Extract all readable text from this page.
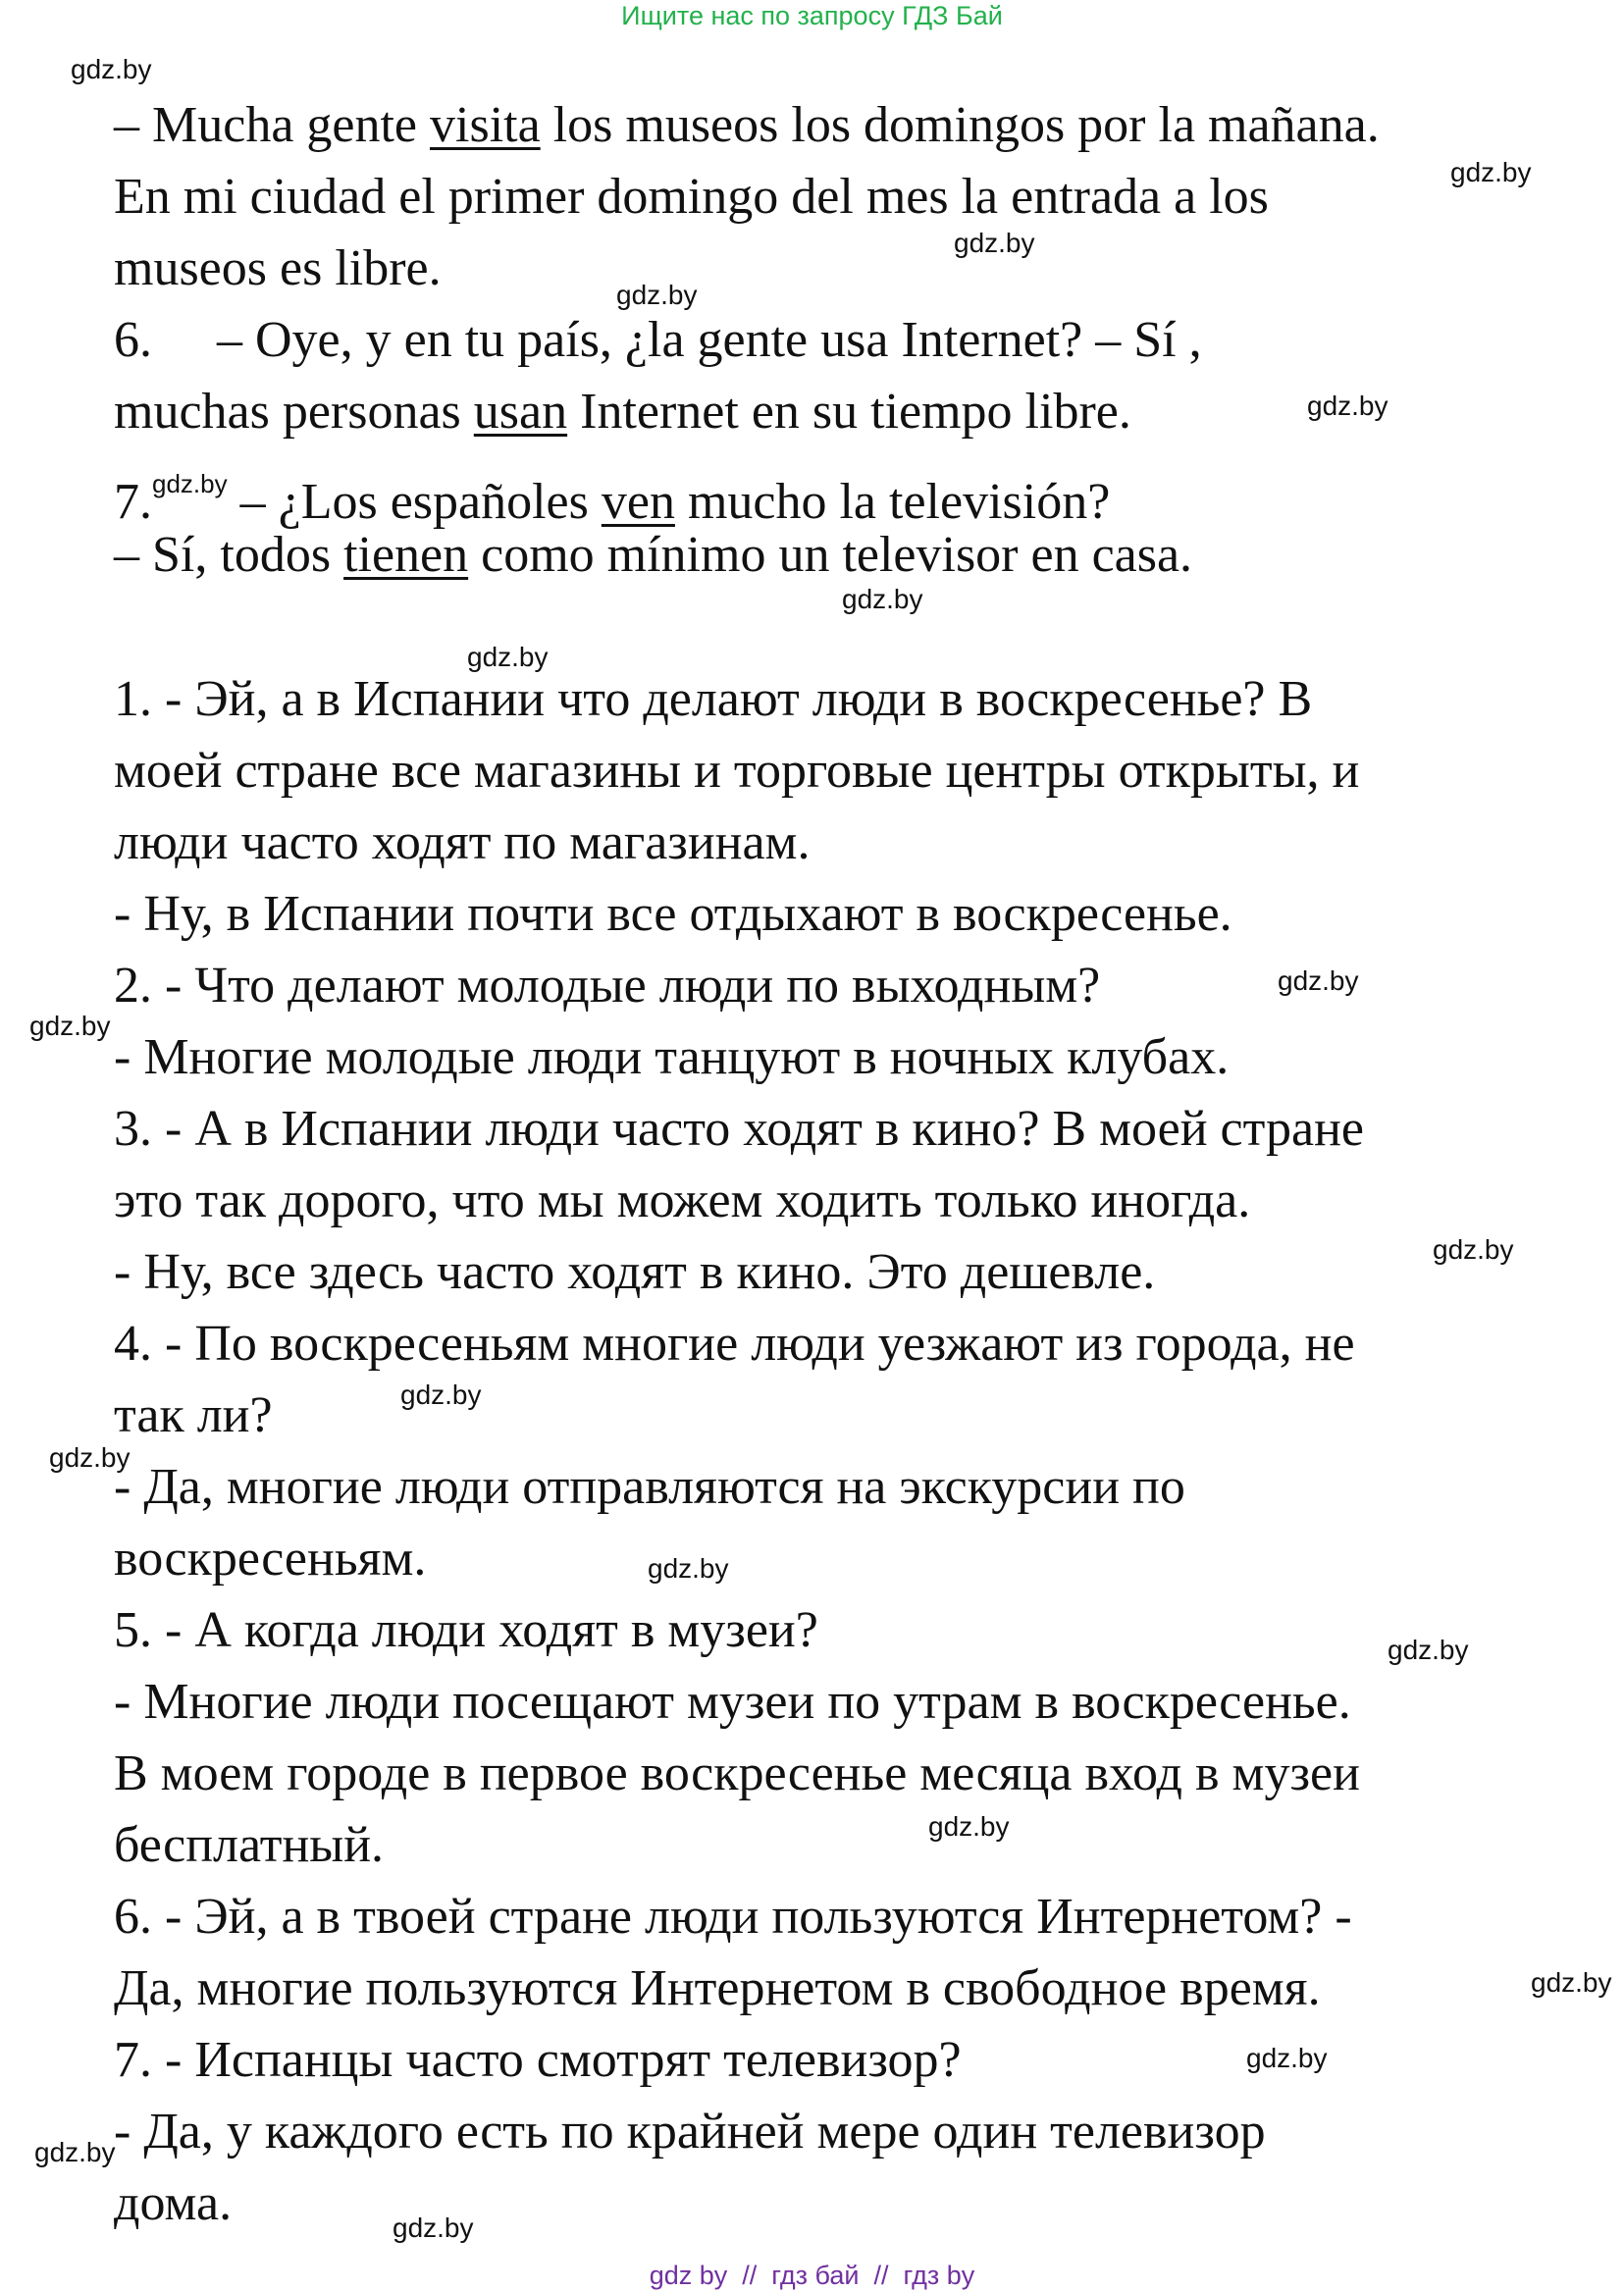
Ищите нас по запросу ГДЗ Бай
– Mucha gente visita los museos los domingos por la mañana.
En mi ciudad el primer domingo del mes la entrada a los
museos es libre.
6. – Oye, y en tu país, ¿la gente usa Internet? – Sí ,
muchas personas usan Internet en su tiempo libre.
7.$^{gdz.by}$ – ¿Los españoles ven mucho la televisión?
– Sí, todos tienen como mínimo un televisor en casa.
1. - Эй, а в Испании что делают люди в воскресенье? В
моей стране все магазины и торговые центры открыты, и
люди часто ходят по магазинам.
- Ну, в Испании почти все отдыхают в воскресенье.
2. - Что делают молодые люди по выходным?
- Многие молодые люди танцуют в ночных клубах.
3. - А в Испании люди часто ходят в кино? В моей стране
это так дорого, что мы можем ходить только иногда.
- Ну, все здесь часто ходят в кино. Это дешевле.
4. - По воскресеньям многие люди уезжают из города, не
так ли?
- Да, многие люди отправляются на экскурсии по
воскресеньям.
5. - А когда люди ходят в музеи?
- Многие люди посещают музеи по утрам в воскресенье.
В моем городе в первое воскресенье месяца вход в музеи
бесплатный.
6. - Эй, а в твоей стране люди пользуются Интернетом? -
Да, многие пользуются Интернетом в свободное время.
7. - Испанцы часто смотрят телевизор?
- Да, у каждого есть по крайней мере один телевизор
дома.
gdz.by
gdz.by
gdz.by
gdz.by
gdz.by
gdz.by
gdz.by
gdz.by
gdz.by
gdz.by
gdz.by
gdz.by
gdz.by
gdz.by
gdz.by
gdz.by
gdz.by
gdz.by
gdz.by
gdz by  //  гдз бай  //  гдз by
